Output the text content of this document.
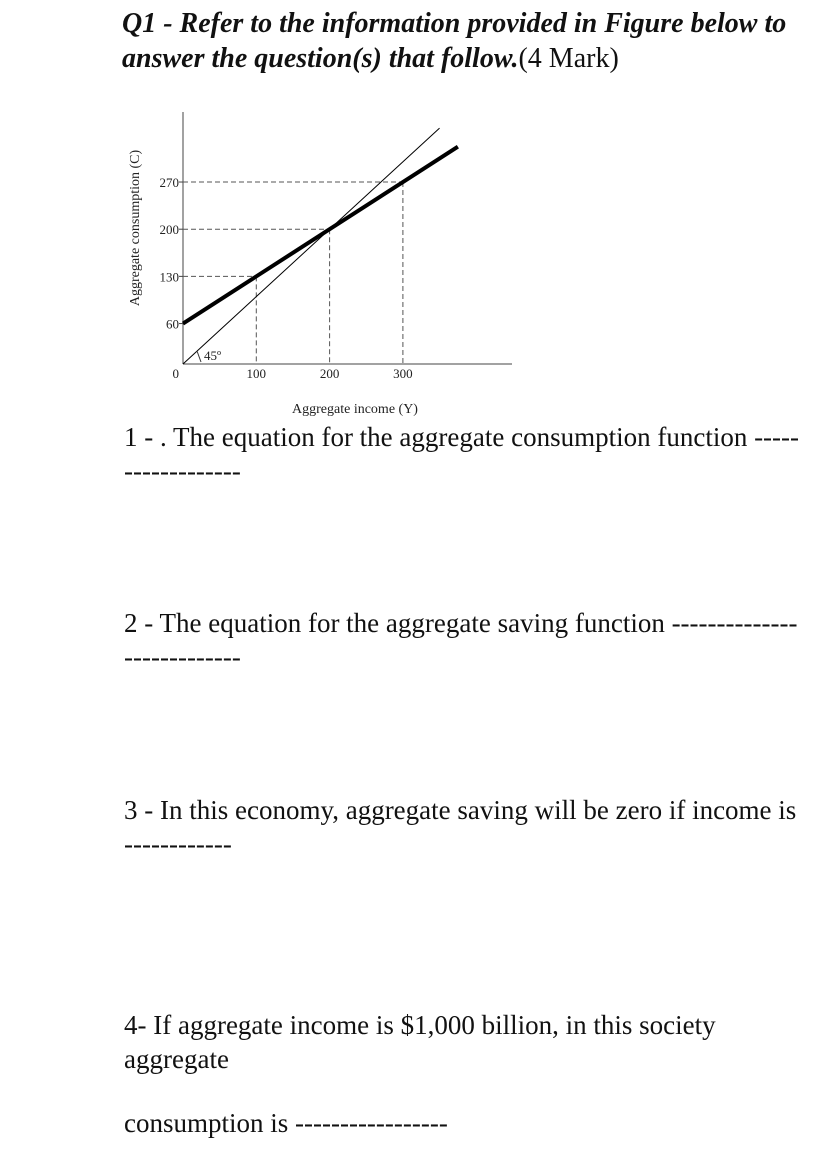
Q1 - Refer to the information provided in Figure below to answer the question(s) that follow.(4 Mark)

60
130
200
270
0	100	200	300
45º
Aggregate income (Y)
Aggregate consumption (C)

1 - . The equation for the aggregate consumption function ------------------

2 - The equation for the aggregate saving function ---------------------------

3 - In this economy, aggregate saving will be zero if income is ------------

4- If aggregate income is $1,000 billion, in this society aggregate

consumption is -----------------
